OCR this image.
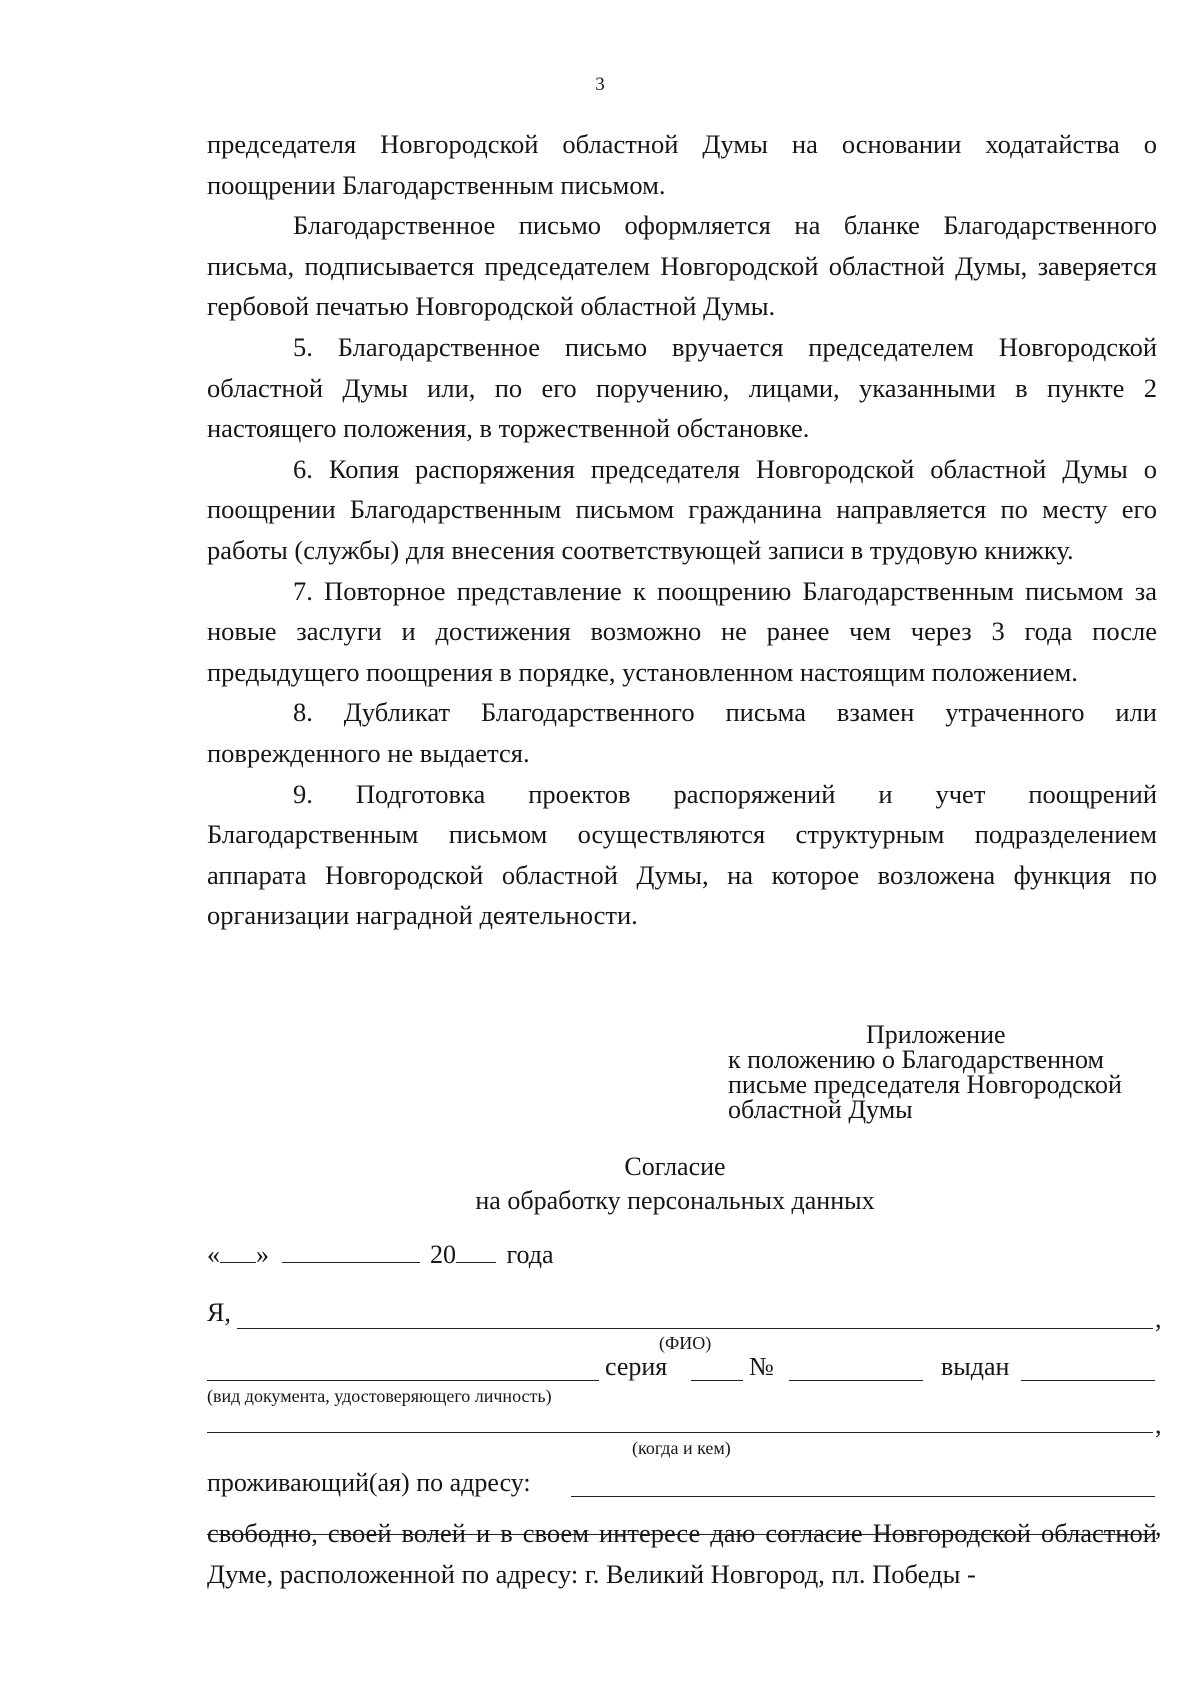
3

председателя Новгородской областной Думы на основании ходатайства о поощрении Благодарственным письмом.

Благодарственное письмо оформляется на бланке Благодарственного письма, подписывается председателем Новгородской областной Думы, заверяется гербовой печатью Новгородской областной Думы.

5. Благодарственное письмо вручается председателем Новгородской областной Думы или, по его поручению, лицами, указанными в пункте 2 настоящего положения, в торжественной обстановке.

6. Копия распоряжения председателя Новгородской областной Думы о поощрении Благодарственным письмом гражданина направляется по месту его работы (службы) для внесения соответствующей записи в трудовую книжку.

7. Повторное представление к поощрению Благодарственным письмом за новые заслуги и достижения возможно не ранее чем через 3 года после предыдущего поощрения в порядке, установленном настоящим положением.

8. Дубликат Благодарственного письма взамен утраченного или поврежденного не выдается.

9. Подготовка проектов распоряжений и учет поощрений Благодарственным письмом осуществляются структурным подразделением аппарата Новгородской областной Думы, на которое возложена функция по организации наградной деятельности.

Приложение
к положению о Благодарственном
письме председателя Новгородской
областной Думы
Согласие
на обработку персональных данных
« »	20 года
Я,	,
(ФИО)
серия	№	выдан
(вид документа, удостоверяющего личность)
,
(когда и кем)
проживающий(ая) по адресу:
,

свободно, своей волей и в своем интересе даю согласие Новгородской областной Думе, расположенной по адресу: г. Великий Новгород, пл. Победы -
